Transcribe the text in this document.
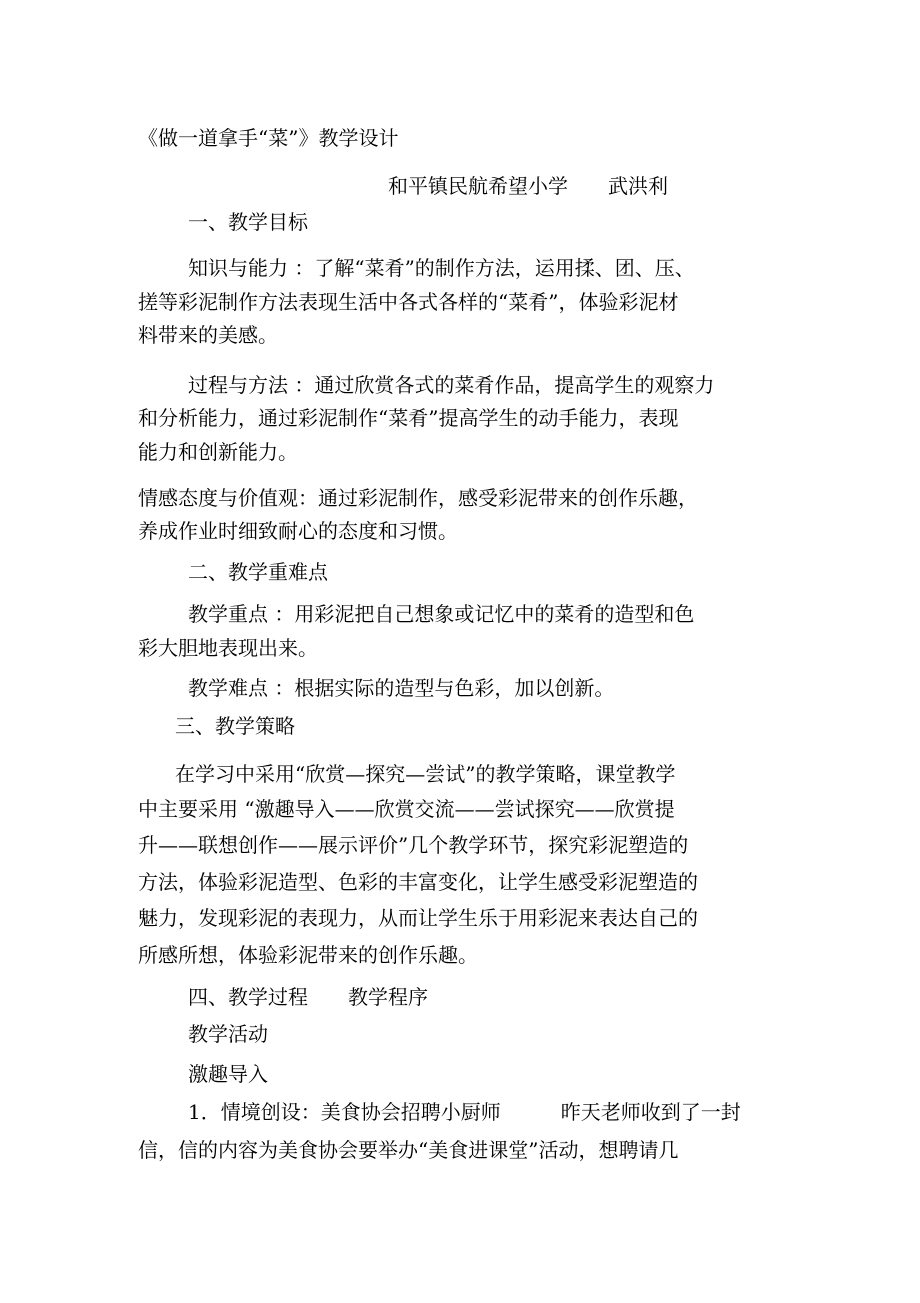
《做一道拿手“菜”》教学设计

和平镇民航希望小学　　武洪利

一、教学目标

知识与能力 ：了解“菜肴”的制作方法，运用揉、团、压、

搓等彩泥制作方法表现生活中各式各样的“菜肴”，体验彩泥材

料带来的美感。

过程与方法 ：通过欣赏各式的菜肴作品，提高学生的观察力

和分析能力，通过彩泥制作“菜肴”提高学生的动手能力，表现

能力和创新能力。

情感态度与价值观：通过彩泥制作，感受彩泥带来的创作乐趣，

养成作业时细致耐心的态度和习惯。

二、教学重难点

教学重点 ：用彩泥把自己想象或记忆中的菜肴的造型和色

彩大胆地表现出来。

教学难点 ：根据实际的造型与色彩，加以创新。

三、教学策略

在学习中采用“欣赏—探究—尝试”的教学策略，课堂教学

中主要采用 “激趣导入——欣赏交流——尝试探究——欣赏提

升——联想创作——展示评价”几个教学环节，探究彩泥塑造的

方法，体验彩泥造型、色彩的丰富变化，让学生感受彩泥塑造的

魅力，发现彩泥的表现力，从而让学生乐于用彩泥来表达自己的

所感所想，体验彩泥带来的创作乐趣。

四、教学过程　　教学程序

教学活动

激趣导入

1．情境创设：美食协会招聘小厨师　　　昨天老师收到了一封

信，信的内容为美食协会要举办“美食进课堂”活动，想聘请几
